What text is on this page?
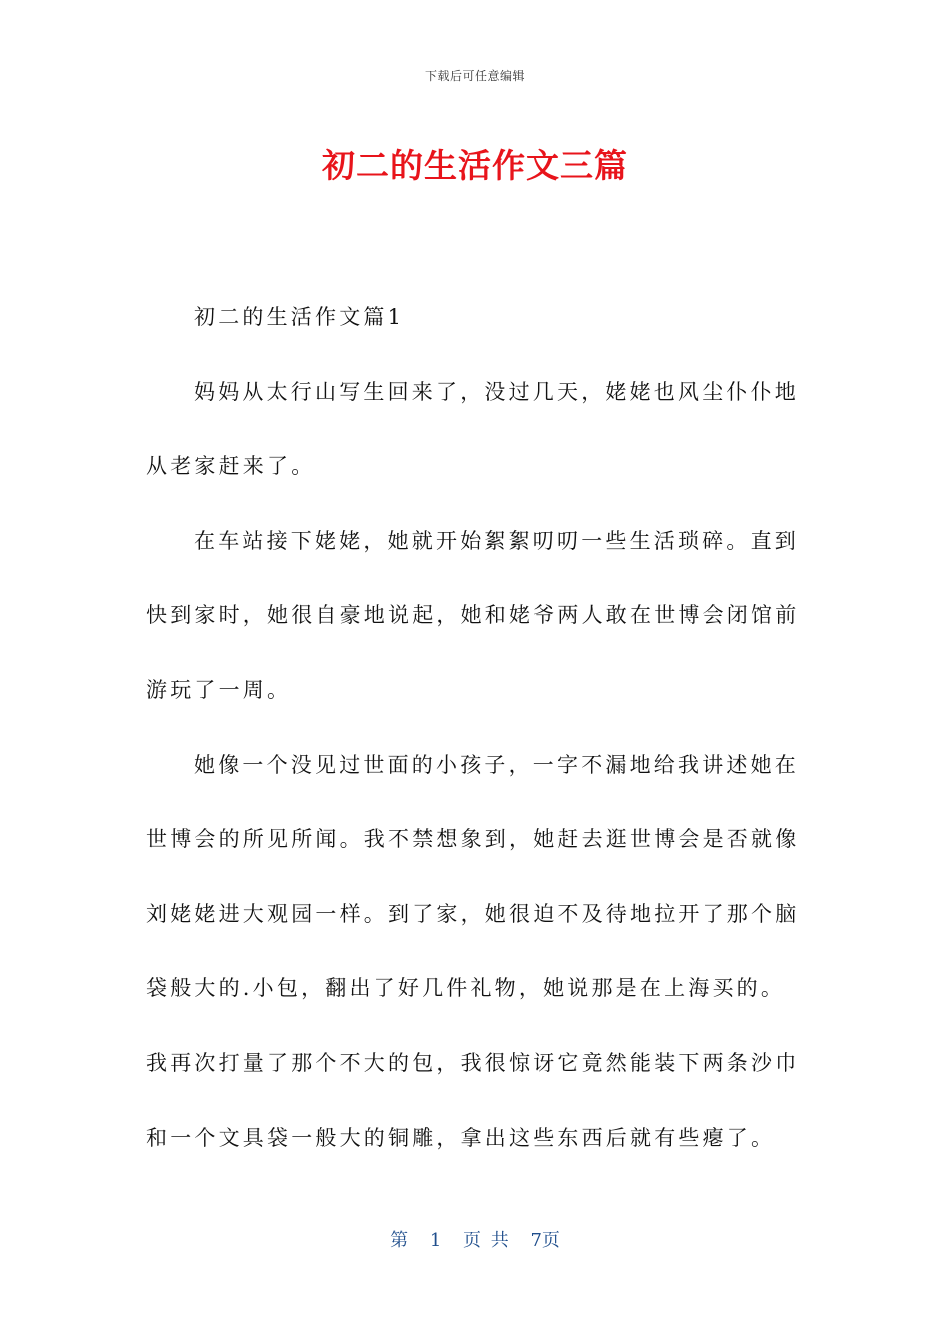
下载后可任意编辑
初二的生活作文三篇

初二的生活作文篇1

妈妈从太行山写生回来了，没过几天，姥姥也风尘仆仆地从老家赶来了。

在车站接下姥姥，她就开始絮絮叨叨一些生活琐碎。直到快到家时，她很自豪地说起，她和姥爷两人敢在世博会闭馆前游玩了一周。

她像一个没见过世面的小孩子，一字不漏地给我讲述她在世博会的所见所闻。我不禁想象到，她赶去逛世博会是否就像刘姥姥进大观园一样。到了家，她很迫不及待地拉开了那个脑袋般大的.小包，翻出了好几件礼物，她说那是在上海买的。我再次打量了那个不大的包，我很惊讶它竟然能装下两条沙巾和一个文具袋一般大的铜雕，拿出这些东西后就有些瘪了。

第 1 页 共 7页
